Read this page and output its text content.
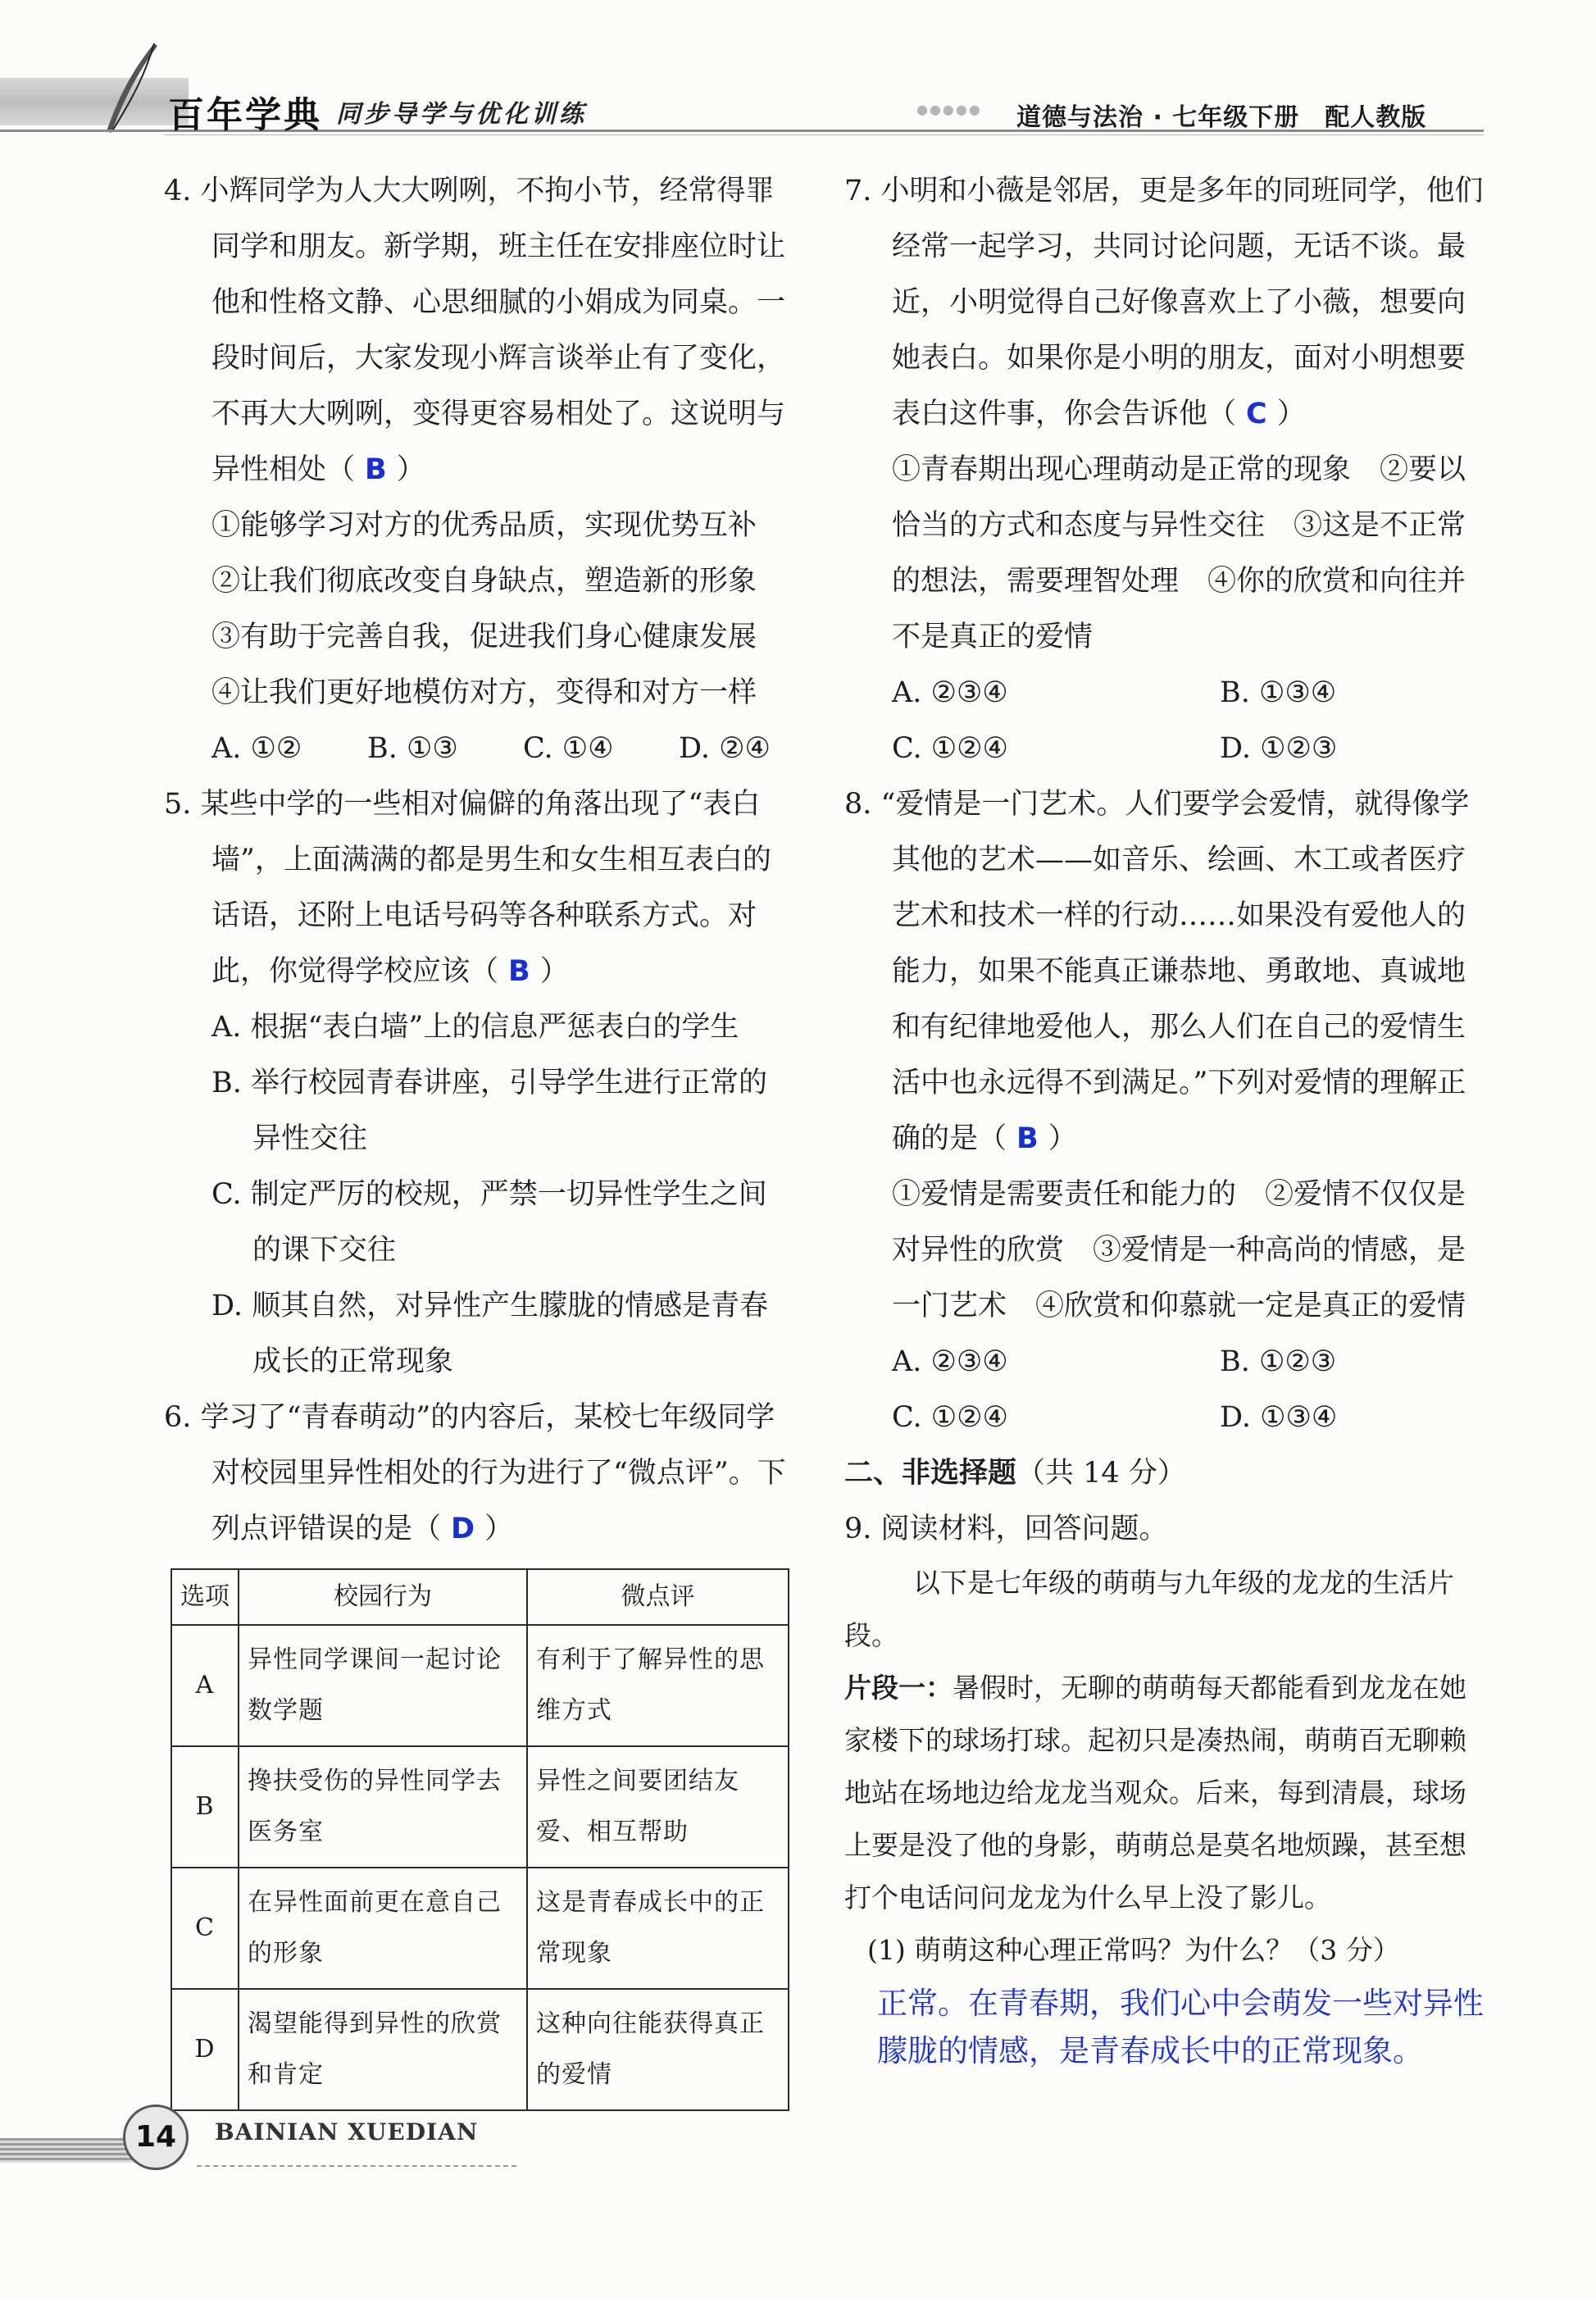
百年学典 同步导学与优化训练	●●●●● 道德与法治 · 七年级下册　配人教版

4. 小辉同学为人大大咧咧，不拘小节，经常得罪同学和朋友。新学期，班主任在安排座位时让他和性格文静、心思细腻的小娟成为同桌。一段时间后，大家发现小辉言谈举止有了变化，不再大大咧咧，变得更容易相处了。这说明与异性相处（ B ）

①能够学习对方的优秀品质，实现优势互补

②让我们彻底改变自身缺点，塑造新的形象

③有助于完善自我，促进我们身心健康发展

④让我们更好地模仿对方，变得和对方一样

A. ①②	B. ①③	C. ①④	D. ②④

5. 某些中学的一些相对偏僻的角落出现了“表白墙”，上面满满的都是男生和女生相互表白的话语，还附上电话号码等各种联系方式。对此，你觉得学校应该（ B ）

A. 根据“表白墙”上的信息严惩表白的学生

B. 举行校园青春讲座，引导学生进行正常的异性交往

C. 制定严厉的校规，严禁一切异性学生之间的课下交往

D. 顺其自然，对异性产生朦胧的情感是青春成长的正常现象

6. 学习了“青春萌动”的内容后，某校七年级同学对校园里异性相处的行为进行了“微点评”。下列点评错误的是（ D ）

选项	校园行为	微点评
A	异性同学课间一起讨论数学题	有利于了解异性的思维方式
B	搀扶受伤的异性同学去医务室	异性之间要团结友爱、相互帮助
C	在异性面前更在意自己的形象	这是青春成长中的正常现象
D	渴望能得到异性的欣赏和肯定	这种向往能获得真正的爱情

7. 小明和小薇是邻居，更是多年的同班同学，他们经常一起学习，共同讨论问题，无话不谈。最近，小明觉得自己好像喜欢上了小薇，想要向她表白。如果你是小明的朋友，面对小明想要表白这件事，你会告诉他（ C ）

①青春期出现心理萌动是正常的现象　②要以恰当的方式和态度与异性交往　③这是不正常的想法，需要理智处理　④你的欣赏和向往并不是真正的爱情

A. ②③④	B. ①③④
C. ①②④	D. ①②③

8. “爱情是一门艺术。人们要学会爱情，就得像学其他的艺术——如音乐、绘画、木工或者医疗艺术和技术一样的行动……如果没有爱他人的能力，如果不能真正谦恭地、勇敢地、真诚地和有纪律地爱他人，那么人们在自己的爱情生活中也永远得不到满足。”下列对爱情的理解正确的是（ B ）

①爱情是需要责任和能力的　②爱情不仅仅是对异性的欣赏　③爱情是一种高尚的情感，是一门艺术　④欣赏和仰慕就一定是真正的爱情

A. ②③④	B. ①②③
C. ①②④	D. ①③④

二、非选择题（共 14 分）

9. 阅读材料，回答问题。

以下是七年级的萌萌与九年级的龙龙的生活片段。

片段一：暑假时，无聊的萌萌每天都能看到龙龙在她家楼下的球场打球。起初只是凑热闹，萌萌百无聊赖地站在场地边给龙龙当观众。后来，每到清晨，球场上要是没了他的身影，萌萌总是莫名地烦躁，甚至想打个电话问问龙龙为什么早上没了影儿。

(1) 萌萌这种心理正常吗？为什么？（3 分）

正常。在青春期，我们心中会萌发一些对异性朦胧的情感，是青春成长中的正常现象。

14	BAINIAN XUEDIAN
